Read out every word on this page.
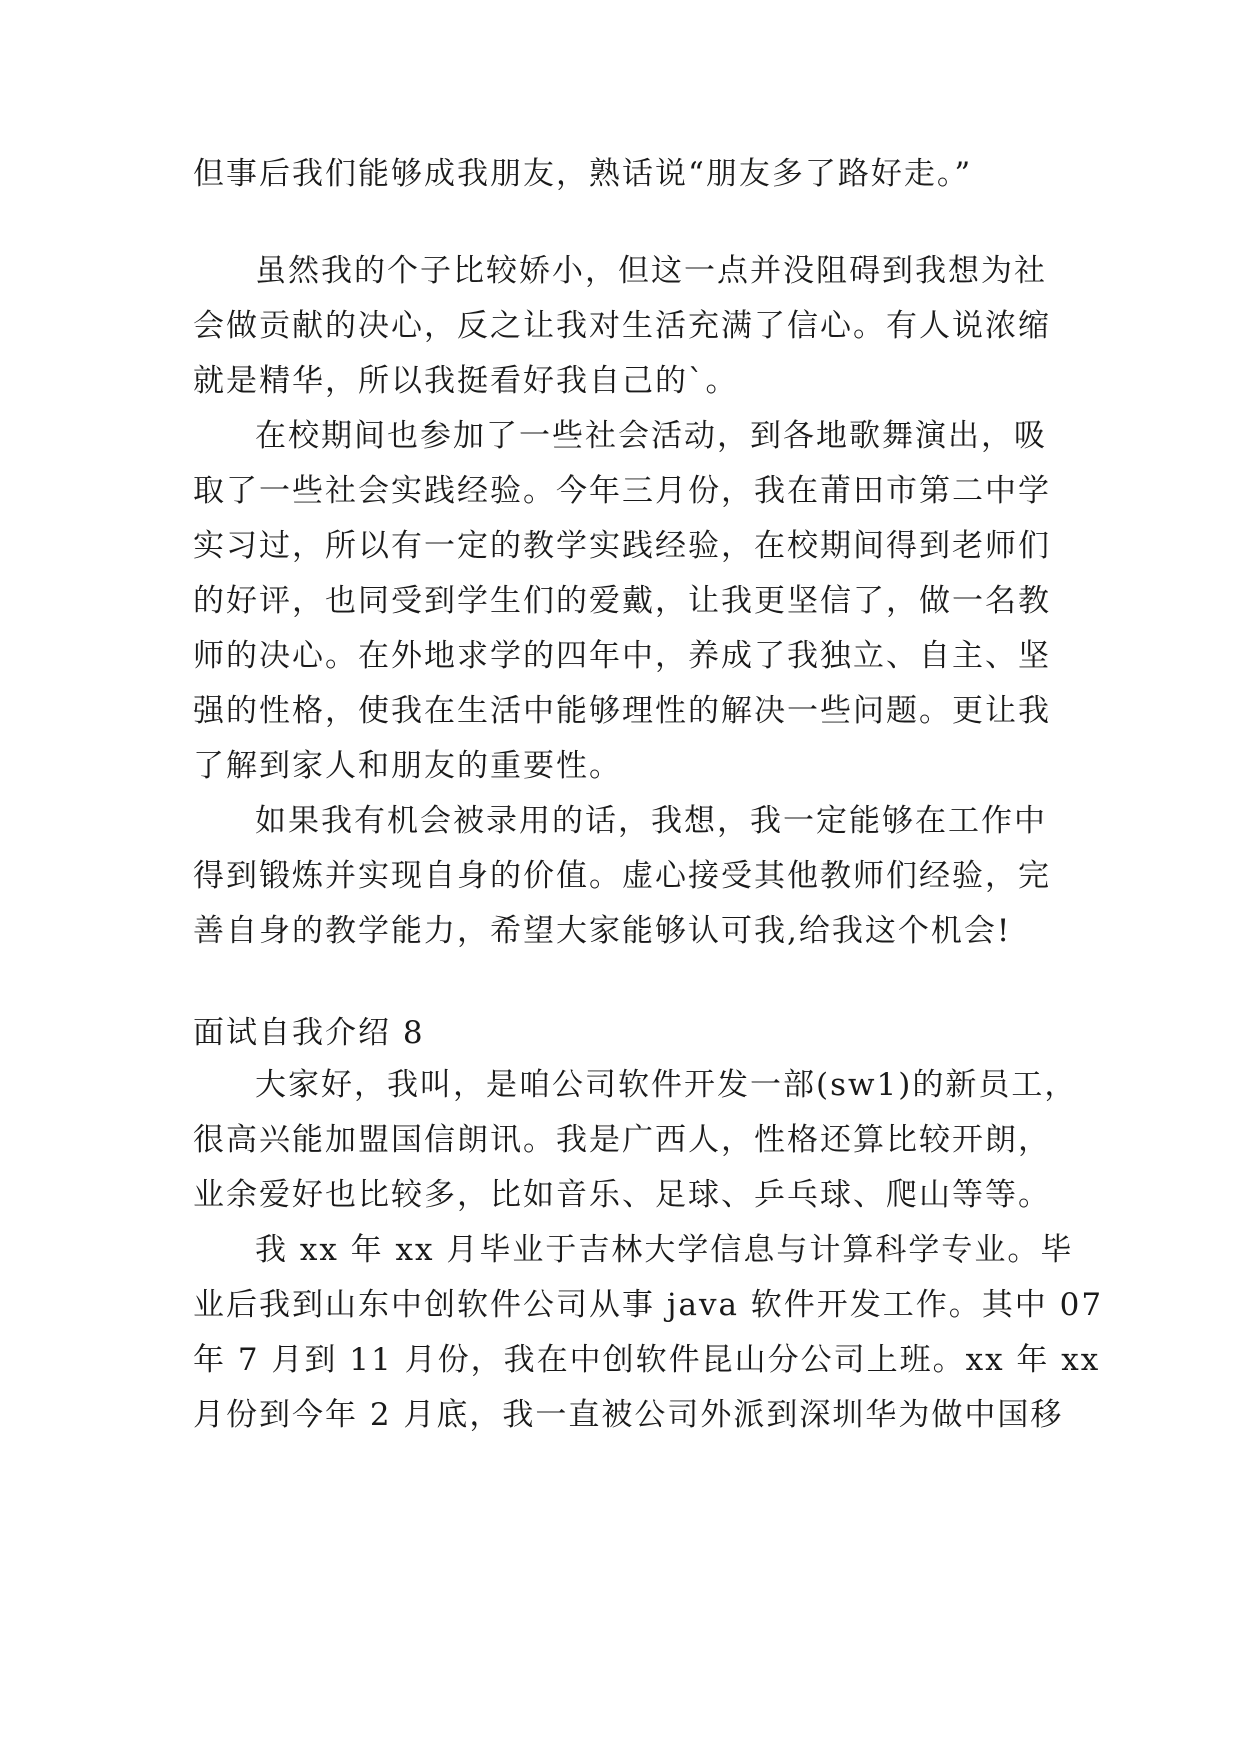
但事后我们能够成我朋友，熟话说“朋友多了路好走。”
虽然我的个子比较娇小，但这一点并没阻碍到我想为社
会做贡献的决心，反之让我对生活充满了信心。有人说浓缩
就是精华，所以我挺看好我自己的`。
在校期间也参加了一些社会活动，到各地歌舞演出，吸
取了一些社会实践经验。今年三月份，我在莆田市第二中学
实习过，所以有一定的教学实践经验，在校期间得到老师们
的好评，也同受到学生们的爱戴，让我更坚信了，做一名教
师的决心。在外地求学的四年中，养成了我独立、自主、坚
强的性格，使我在生活中能够理性的解决一些问题。更让我
了解到家人和朋友的重要性。
如果我有机会被录用的话，我想，我一定能够在工作中
得到锻炼并实现自身的价值。虚心接受其他教师们经验，完
善自身的教学能力，希望大家能够认可我,给我这个机会!
面试自我介绍 8
大家好，我叫，是咱公司软件开发一部(sw1)的新员工，
很高兴能加盟国信朗讯。我是广西人，性格还算比较开朗，
业余爱好也比较多，比如音乐、足球、乒乓球、爬山等等。
我 xx 年 xx 月毕业于吉林大学信息与计算科学专业。毕
业后我到山东中创软件公司从事 java 软件开发工作。其中 07
年 7 月到 11 月份，我在中创软件昆山分公司上班。xx 年 xx
月份到今年 2 月底，我一直被公司外派到深圳华为做中国移
